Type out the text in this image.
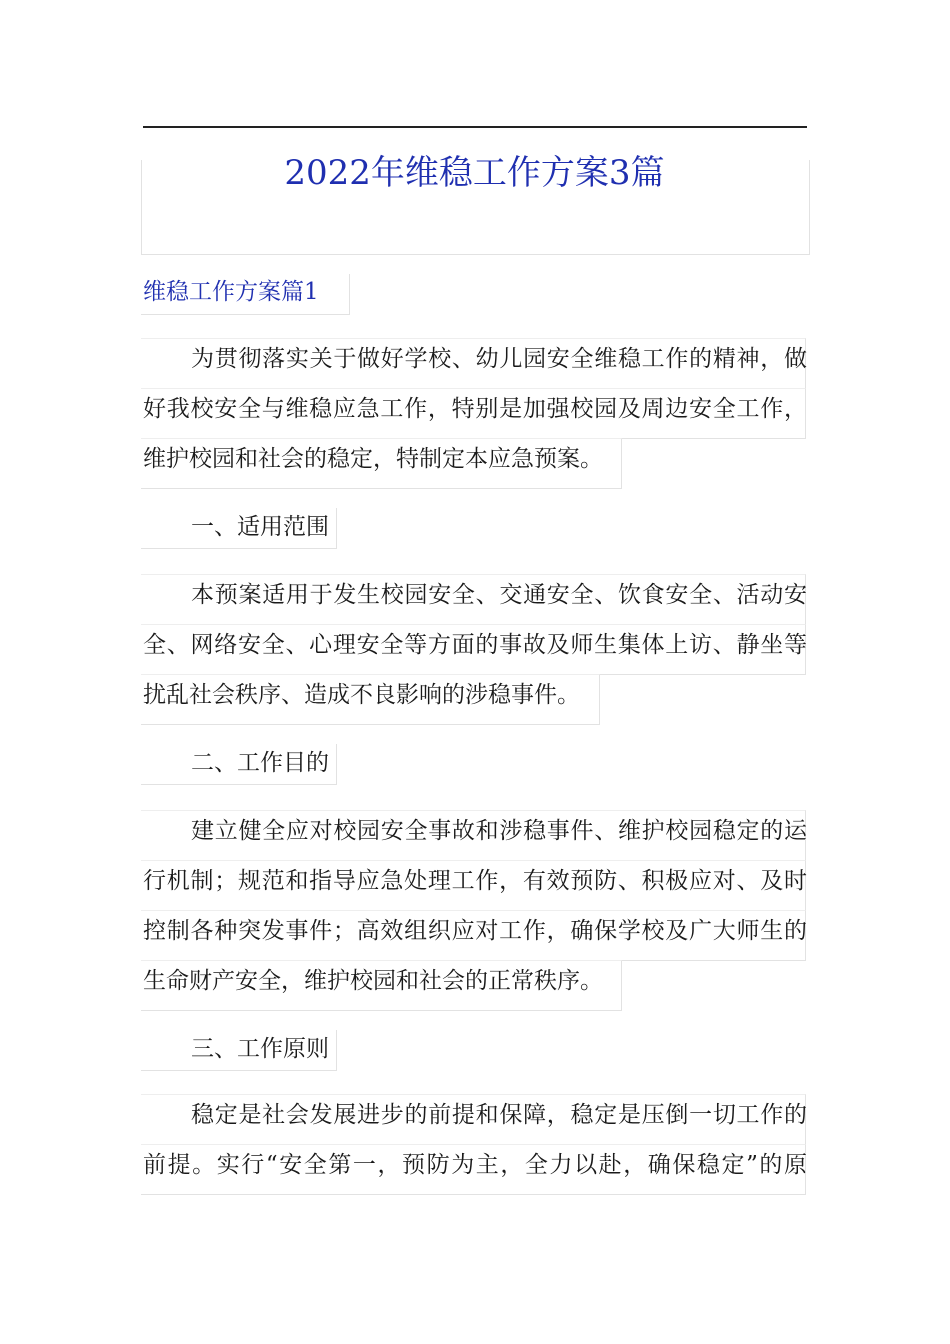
2022年维稳工作方案3篇
维稳工作方案篇1
为贯彻落实关于做好学校、幼儿园安全维稳工作的精神，做
好我校安全与维稳应急工作，特别是加强校园及周边安全工作，
维护校园和社会的稳定，特制定本应急预案。
一、适用范围
本预案适用于发生校园安全、交通安全、饮食安全、活动安
全、网络安全、心理安全等方面的事故及师生集体上访、静坐等
扰乱社会秩序、造成不良影响的涉稳事件。
二、工作目的
建立健全应对校园安全事故和涉稳事件、维护校园稳定的运
行机制；规范和指导应急处理工作，有效预防、积极应对、及时
控制各种突发事件；高效组织应对工作，确保学校及广大师生的
生命财产安全，维护校园和社会的正常秩序。
三、工作原则
稳定是社会发展进步的前提和保障，稳定是压倒一切工作的
前提。实行“安全第一，预防为主，全力以赴，确保稳定”的原
